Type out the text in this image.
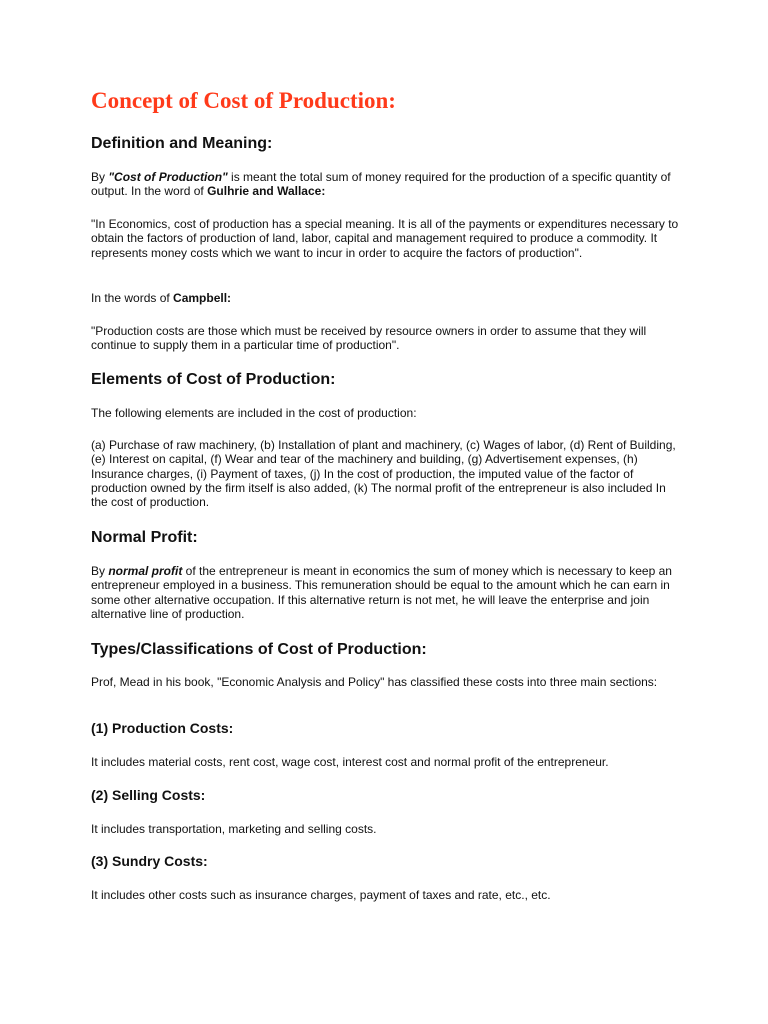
Concept of Cost of Production:
Definition and Meaning:

By "Cost of Production" is meant the total sum of money required for the production of a specific quantity of output. In the word of Gulhrie and Wallace:

"In Economics, cost of production has a special meaning. It is all of the payments or expenditures necessary to obtain the factors of production of land, labor, capital and management required to produce a commodity. It represents money costs which we want to incur in order to acquire the factors of production".

In the words of Campbell:

"Production costs are those which must be received by resource owners in order to assume that they will continue to supply them in a particular time of production".

Elements of Cost of Production:

The following elements are included in the cost of production:

(a) Purchase of raw machinery, (b) Installation of plant and machinery, (c) Wages of labor, (d) Rent of Building, (e) Interest on capital, (f) Wear and tear of the machinery and building, (g) Advertisement expenses, (h) Insurance charges, (i) Payment of taxes, (j) In the cost of production, the imputed value of the factor of production owned by the firm itself is also added, (k) The normal profit of the entrepreneur is also included In the cost of production.

Normal Profit:

By normal profit of the entrepreneur is meant in economics the sum of money which is necessary to keep an entrepreneur employed in a business. This remuneration should be equal to the amount which he can earn in some other alternative occupation. If this alternative return is not met, he will leave the enterprise and join alternative line of production.

Types/Classifications of Cost of Production:

Prof, Mead in his book, "Economic Analysis and Policy" has classified these costs into three main sections:

(1) Production Costs:

It includes material costs, rent cost, wage cost, interest cost and normal profit of the entrepreneur.

(2) Selling Costs:

It includes transportation, marketing and selling costs.

(3) Sundry Costs:

It includes other costs such as insurance charges, payment of taxes and rate, etc., etc.
